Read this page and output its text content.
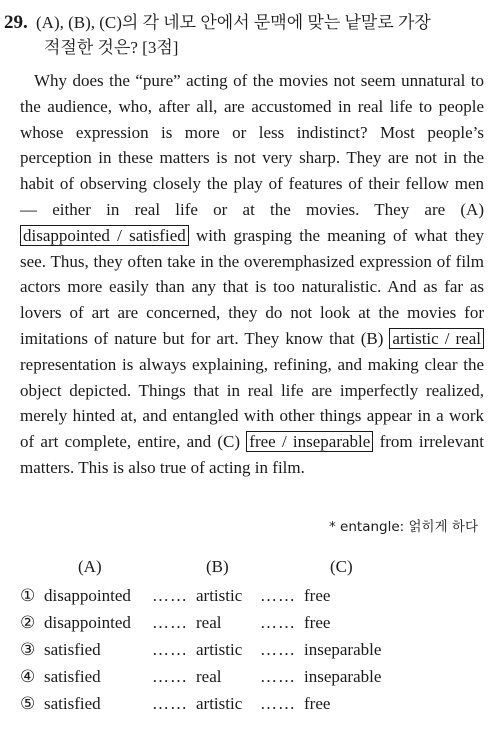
29. (A), (B), (C)의 각 네모 안에서 문맥에 맞는 낱말로 가장
적절한 것은? [3점]

Why does the “pure” acting of the movies not seem unnatural to the audience, who, after all, are accustomed in real life to people whose expression is more or less indistinct? Most people’s perception in these matters is not very sharp. They are not in the habit of observing closely the play of features of their fellow men — either in real life or at the movies. They are (A) disappointed / satisfied with grasping the meaning of what they see. Thus, they often take in the overemphasized expression of film actors more easily than any that is too naturalistic. And as far as lovers of art are concerned, they do not look at the movies for imitations of nature but for art. They know that (B) artistic / real representation is always explaining, refining, and making clear the object depicted. Things that in real life are imperfectly realized, merely hinted at, and entangled with other things appear in a work of art complete, entire, and (C) free / inseparable from irrelevant matters. This is also true of acting in film.

* entangle: 얽히게 하다
(A)	(B)	(C)
① disappointed …… artistic …… free
② disappointed …… real …… free
③ satisfied	…… artistic …… inseparable
④ satisfied	…… real …… inseparable
⑤ satisfied	…… artistic …… free
